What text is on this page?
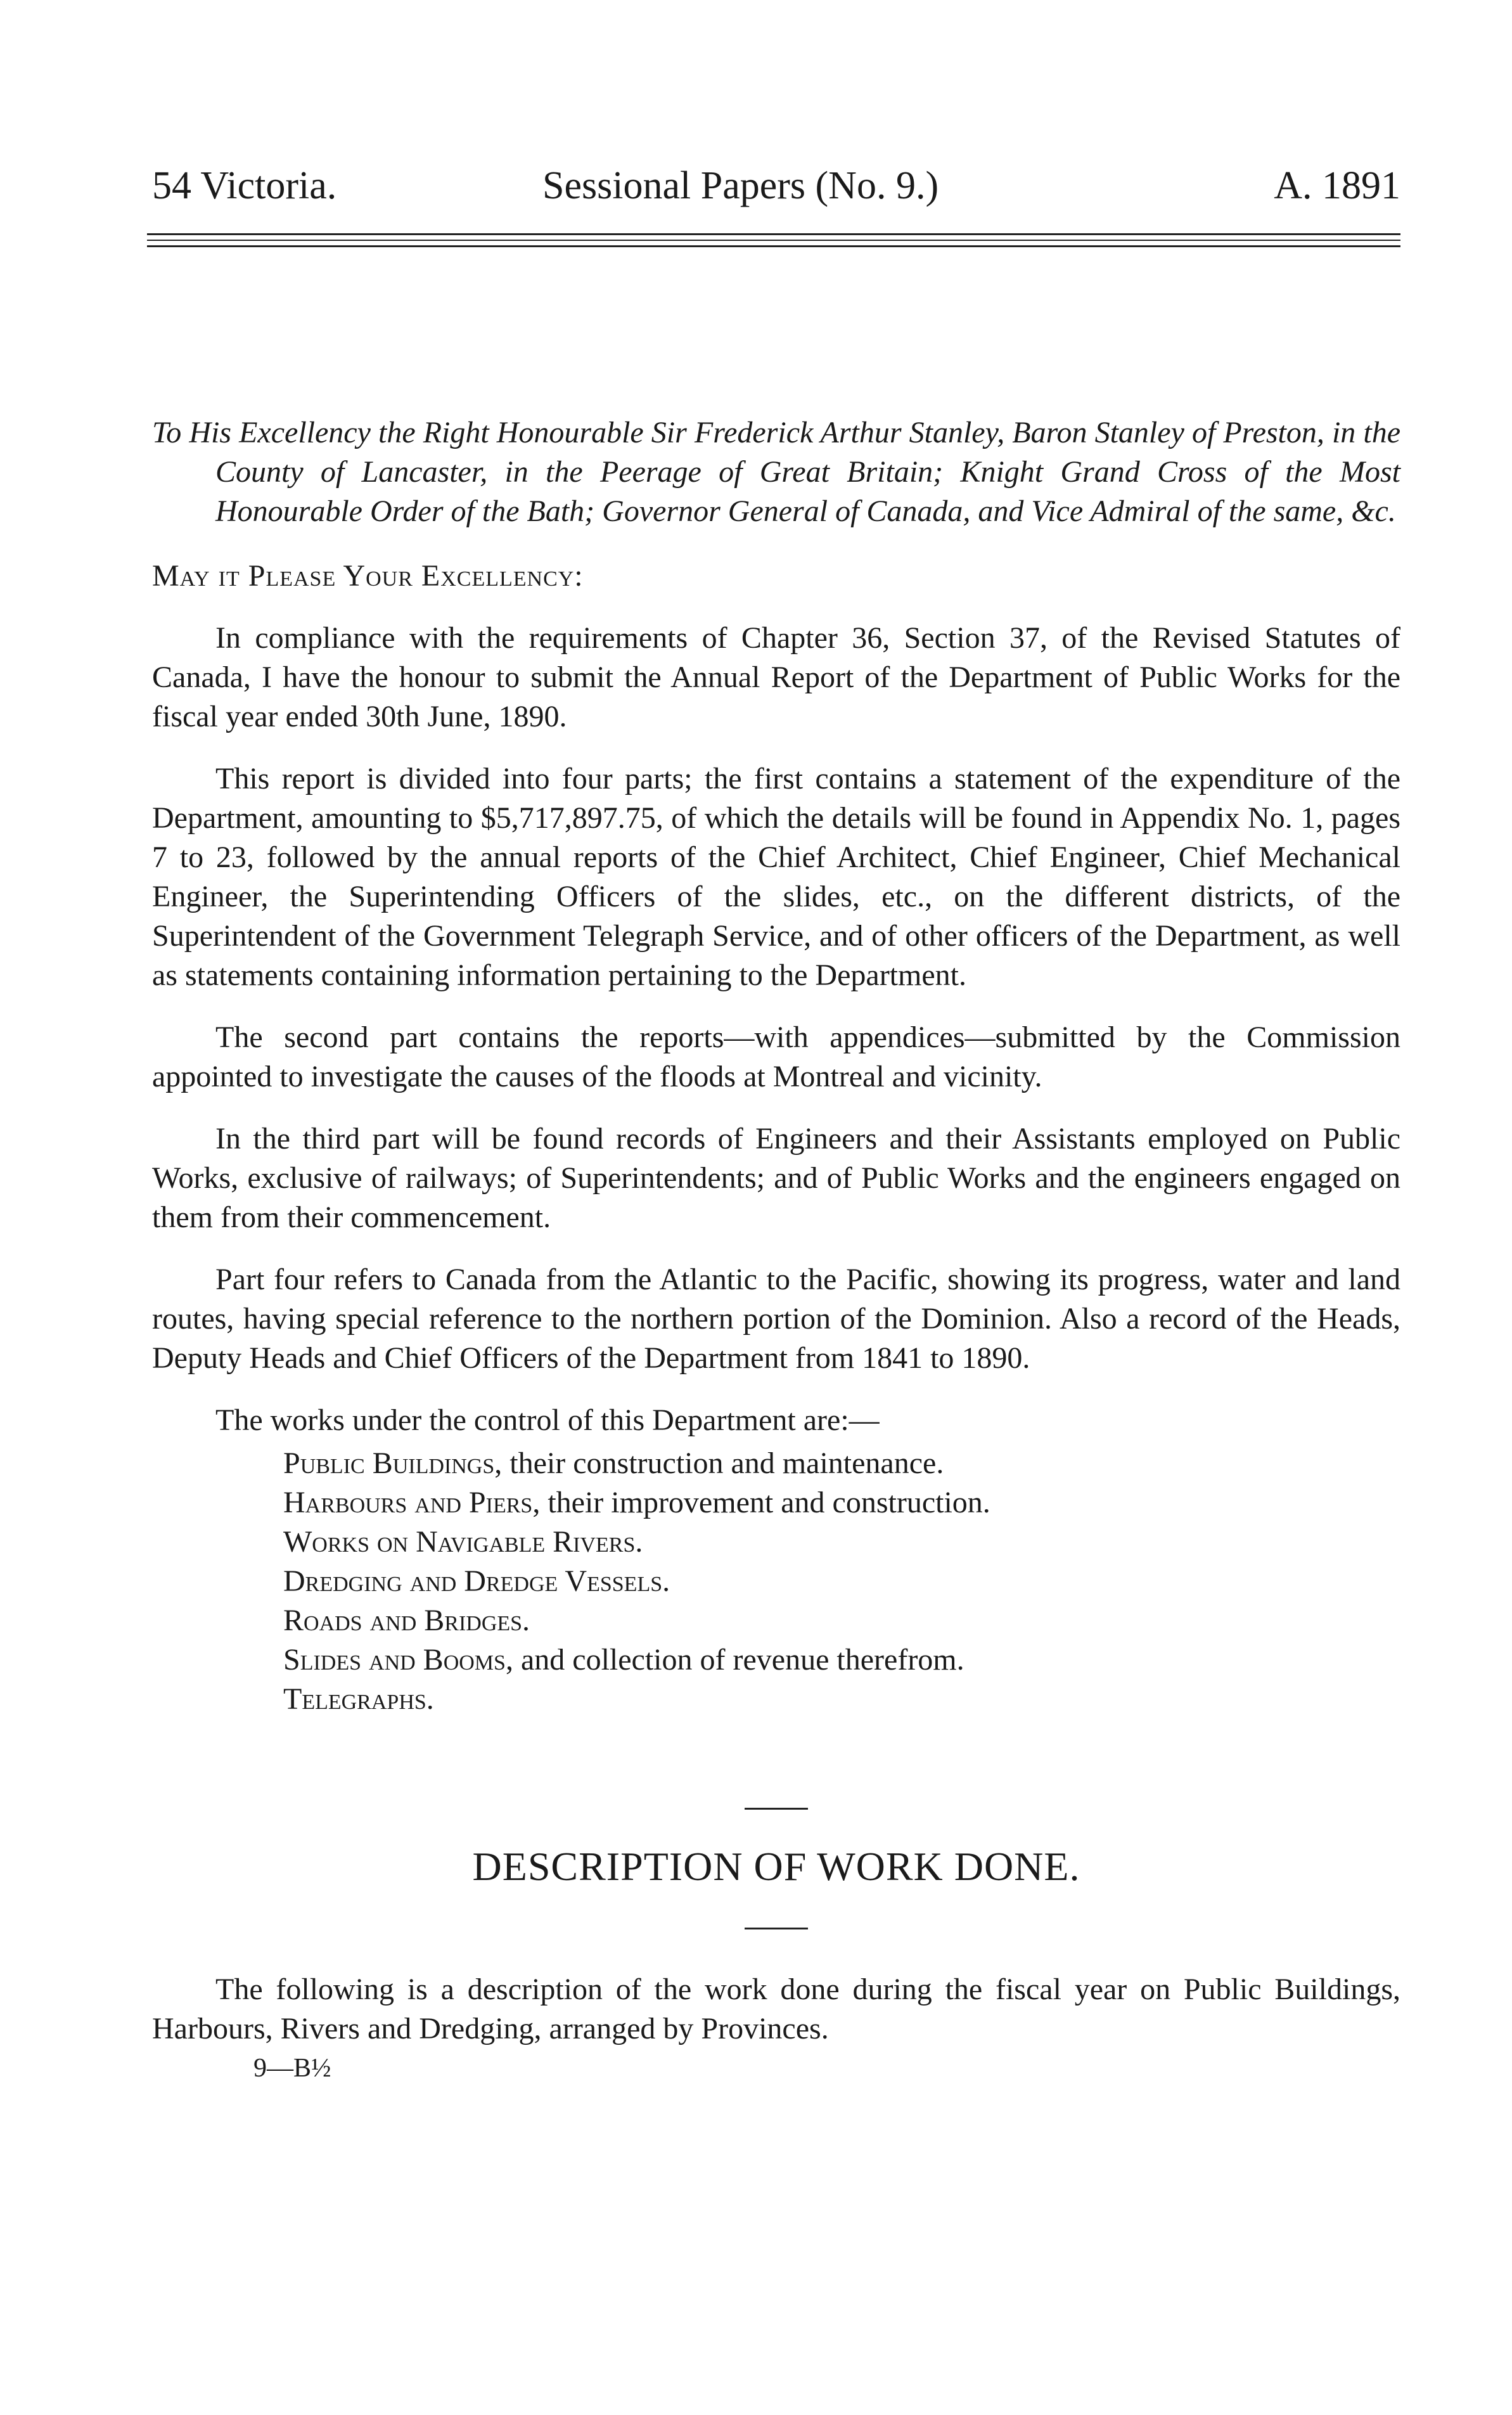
54 Victoria.	Sessional Papers (No. 9.)	A. 1891

To His Excellency the Right Honourable Sir Frederick Arthur Stanley, Baron Stanley of Preston, in the County of Lancaster, in the Peerage of Great Britain; Knight Grand Cross of the Most Honourable Order of the Bath; Governor General of Canada, and Vice Admiral of the same, &c.

May it Please Your Excellency:

In compliance with the requirements of Chapter 36, Section 37, of the Revised Statutes of Canada, I have the honour to submit the Annual Report of the Department of Public Works for the fiscal year ended 30th June, 1890.

This report is divided into four parts; the first contains a statement of the expenditure of the Department, amounting to $5,717,897.75, of which the details will be found in Appendix No. 1, pages 7 to 23, followed by the annual reports of the Chief Architect, Chief Engineer, Chief Mechanical Engineer, the Superintending Officers of the slides, etc., on the different districts, of the Superintendent of the Government Telegraph Service, and of other officers of the Department, as well as statements containing information pertaining to the Department.

The second part contains the reports—with appendices—submitted by the Commission appointed to investigate the causes of the floods at Montreal and vicinity.

In the third part will be found records of Engineers and their Assistants employed on Public Works, exclusive of railways; of Superintendents; and of Public Works and the engineers engaged on them from their commencement.

Part four refers to Canada from the Atlantic to the Pacific, showing its progress, water and land routes, having special reference to the northern portion of the Dominion. Also a record of the Heads, Deputy Heads and Chief Officers of the Department from 1841 to 1890.

The works under the control of this Department are:—

Public Buildings, their construction and maintenance.
Harbours and Piers, their improvement and construction.
Works on Navigable Rivers.
Dredging and Dredge Vessels.
Roads and Bridges.
Slides and Booms, and collection of revenue therefrom.
Telegraphs.
DESCRIPTION OF WORK DONE.

The following is a description of the work done during the fiscal year on Public Buildings, Harbours, Rivers and Dredging, arranged by Provinces.

9—B½
